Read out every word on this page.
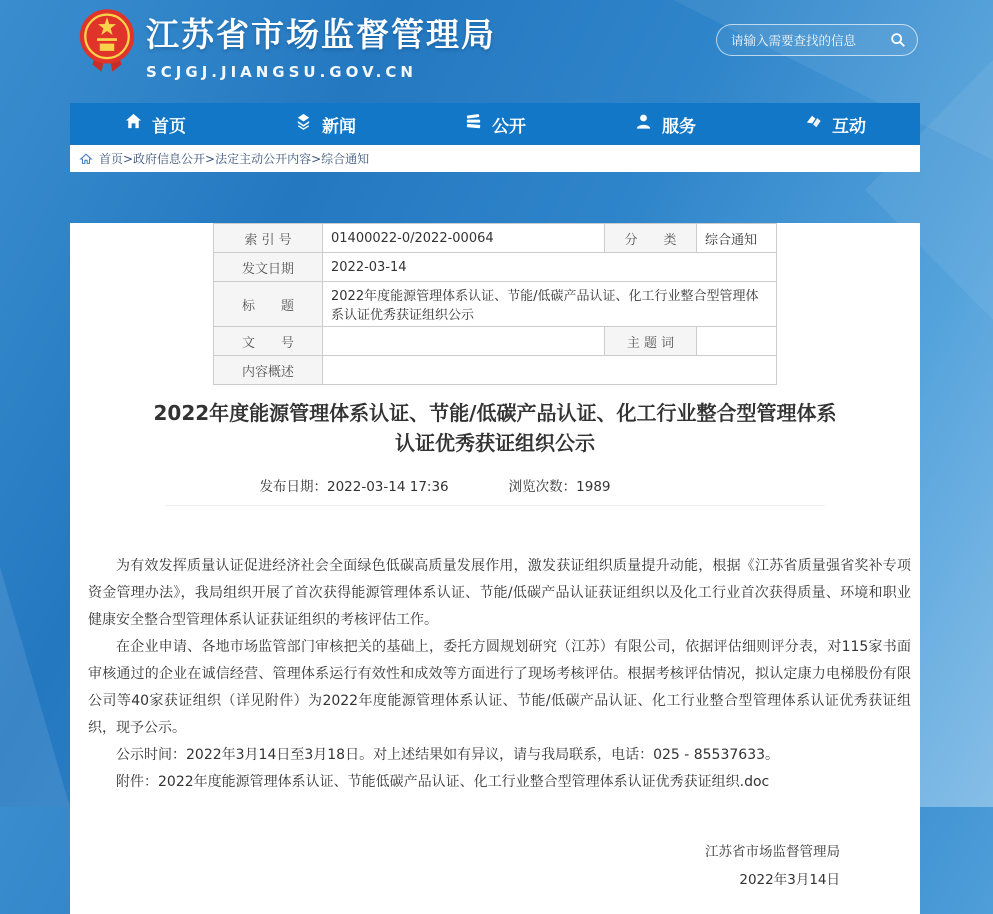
江苏省市场监督管理局
SCJGJ.JIANGSU.GOV.CN
请输入需要查找的信息
首页	新闻	公开	服务	互动
首页>政府信息公开>法定主动公开内容>综合通知
索 引 号	01400022-0/2022-00064	分　　类	综合通知
发文日期	2022-03-14		
标　　题	2022年度能源管理体系认证、节能/低碳产品认证、化工行业整合型管理体系认证优秀获证组织公示		
文　　号		主 题 词	
内容概述			
2022年度能源管理体系认证、节能/低碳产品认证、化工行业整合型管理体系认证优秀获证组织公示
发布日期：2022-03-14 17:36	浏览次数：1989

为有效发挥质量认证促进经济社会全面绿色低碳高质量发展作用，激发获证组织质量提升动能，根据《江苏省质量强省奖补专项资金管理办法》，我局组织开展了首次获得能源管理体系认证、节能/低碳产品认证获证组织以及化工行业首次获得质量、环境和职业健康安全整合型管理体系认证获证组织的考核评估工作。

在企业申请、各地市场监管部门审核把关的基础上，委托方圆规划研究（江苏）有限公司，依据评估细则评分表，对115家书面审核通过的企业在诚信经营、管理体系运行有效性和成效等方面进行了现场考核评估。根据考核评估情况，拟认定康力电梯股份有限公司等40家获证组织（详见附件）为2022年度能源管理体系认证、节能/低碳产品认证、化工行业整合型管理体系认证优秀获证组织，现予公示。

公示时间：2022年3月14日至3月18日。对上述结果如有异议，请与我局联系，电话：025 - 85537633。

附件：2022年度能源管理体系认证、节能低碳产品认证、化工行业整合型管理体系认证优秀获证组织.doc

江苏省市场监督管理局
2022年3月14日
